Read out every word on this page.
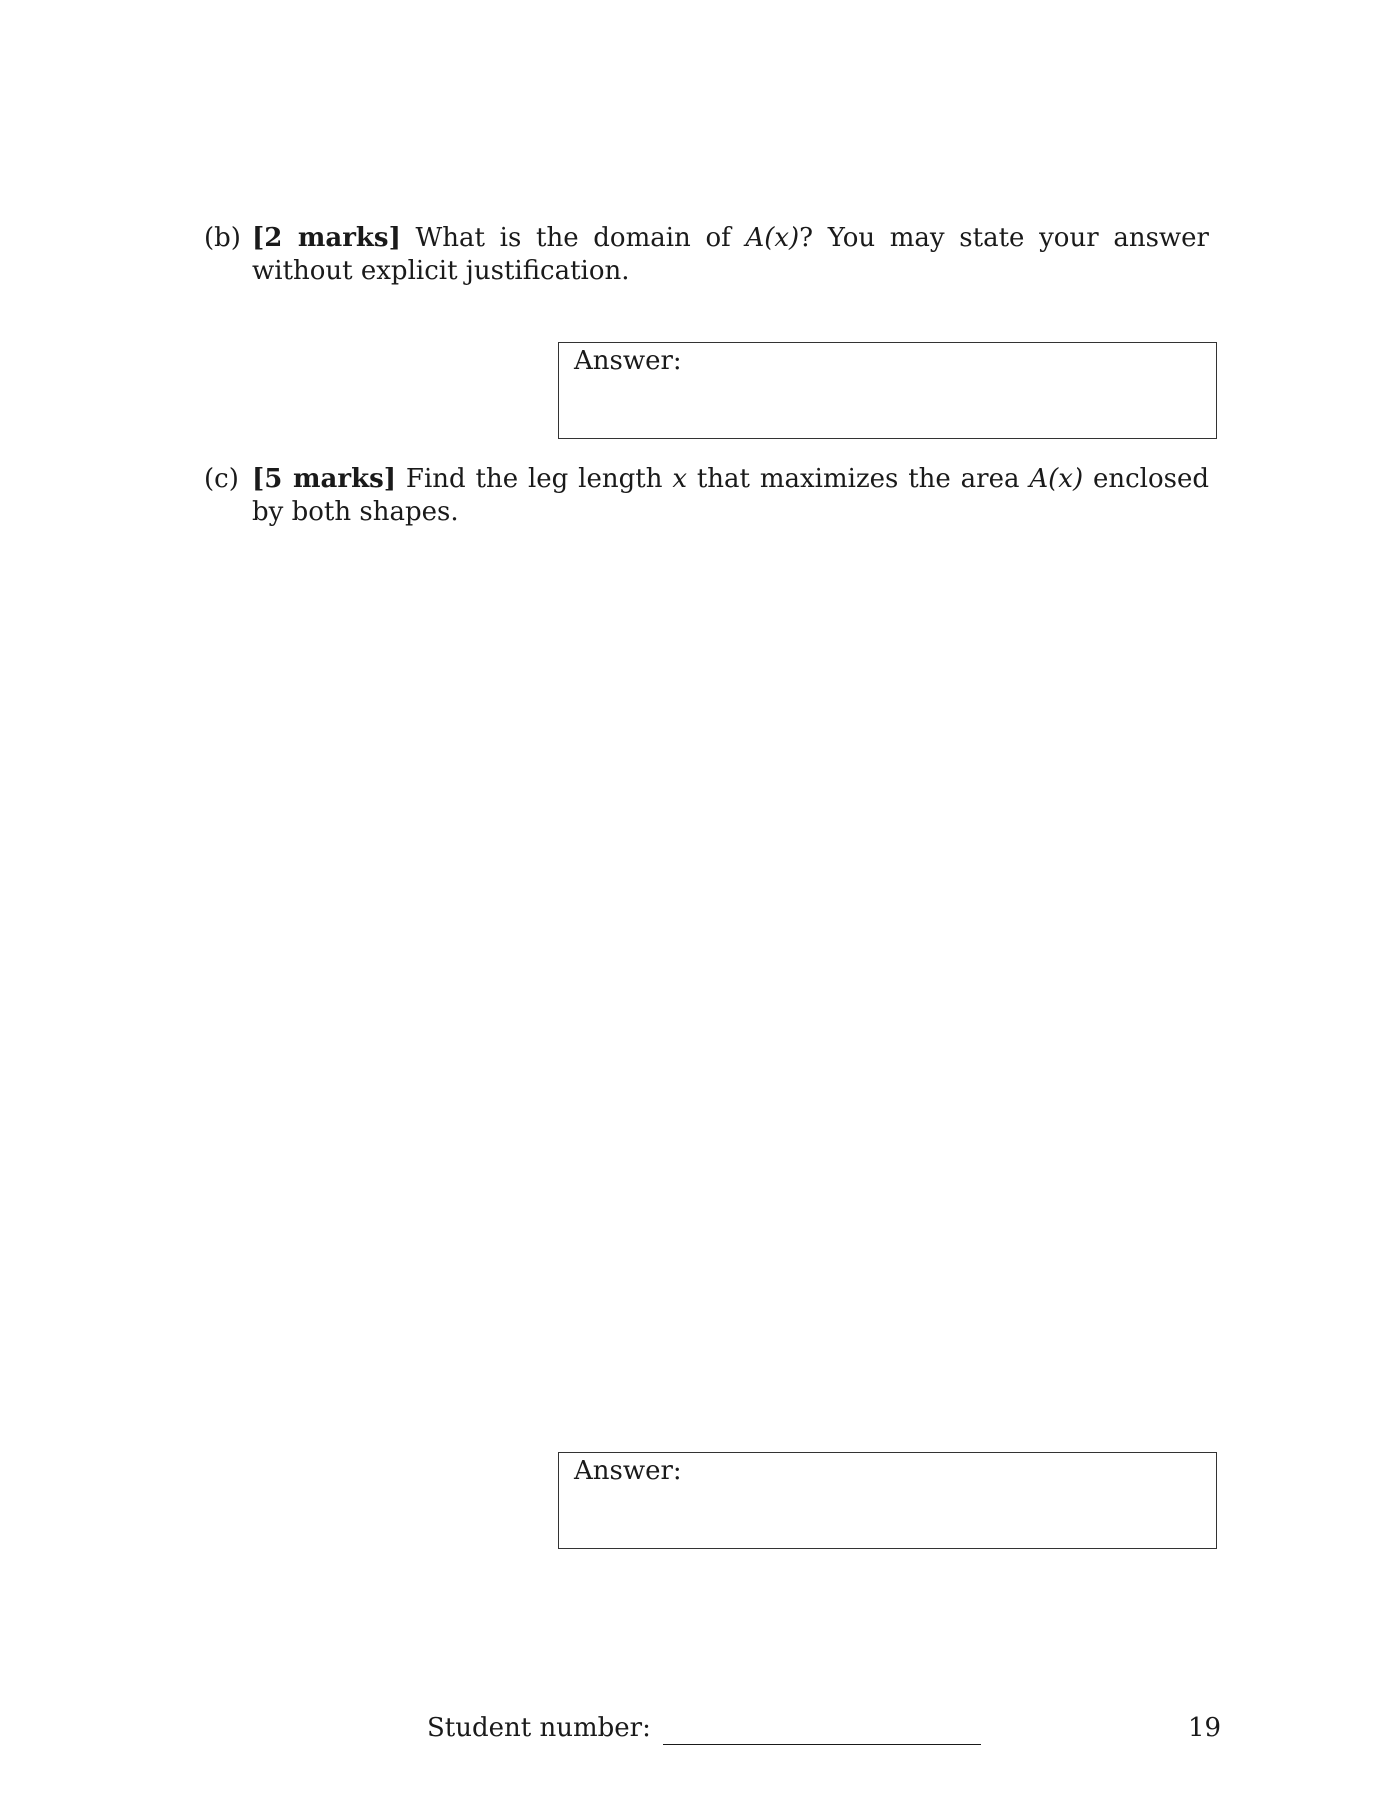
(b) [2 marks] What is the domain of A(x)? You may state your answer without explicit justification.
Answer:
(c) [5 marks] Find the leg length x that maximizes the area A(x) enclosed by both shapes.
Answer:
Student number:	19
